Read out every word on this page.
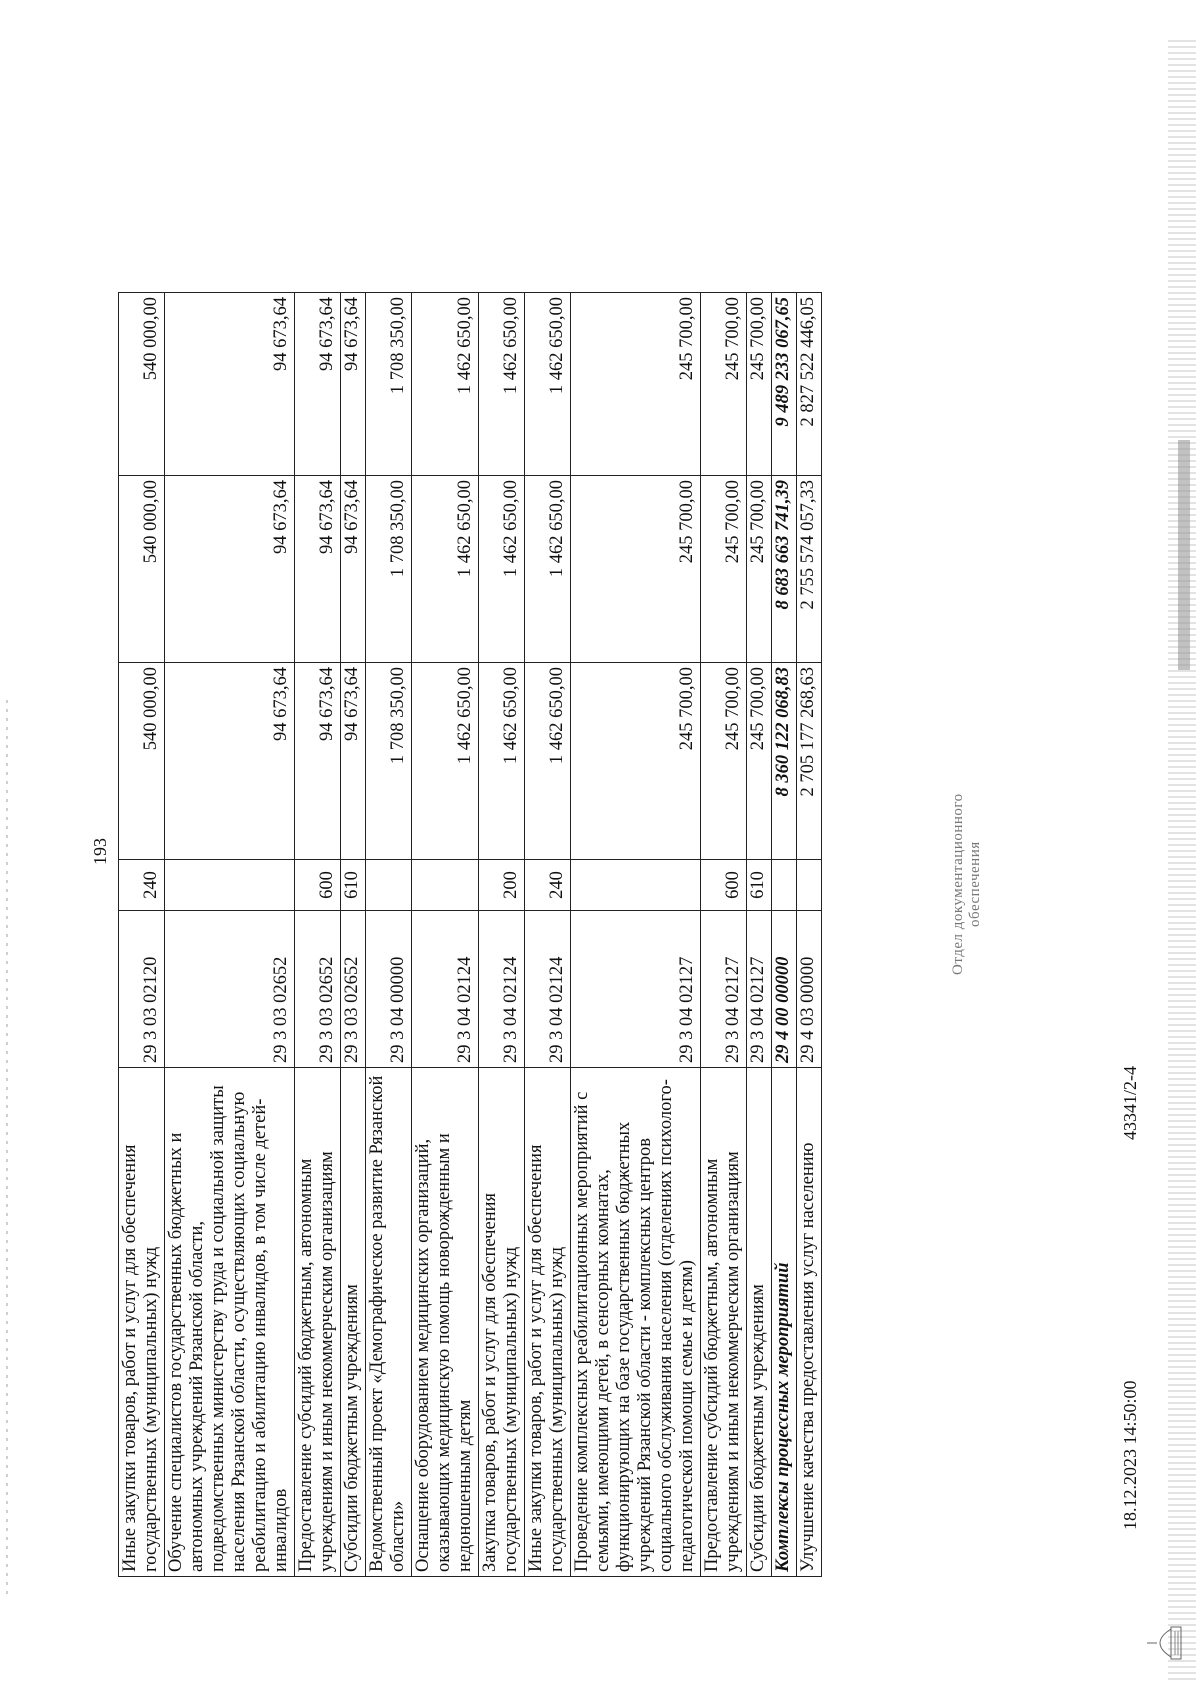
193
Иные закупки товаров, работ и услуг для обеспечения государственных (муниципальных) нужд	29 3 03 02120	240	540 000,00	540 000,00	540 000,00
Обучение специалистов государственных бюджетных и автономных учреждений Рязанской области, подведомственных министерству труда и социальной защиты населения Рязанской области, осуществляющих социальную реабилитацию и абилитацию инвалидов, в том числе детей-инвалидов	29 3 03 02652		94 673,64	94 673,64	94 673,64
Предоставление субсидий бюджетным, автономным учреждениям и иным некоммерческим организациям	29 3 03 02652	600	94 673,64	94 673,64	94 673,64
Субсидии бюджетным учреждениям	29 3 03 02652	610	94 673,64	94 673,64	94 673,64
Ведомственный проект «Демографическое развитие Рязанской области»	29 3 04 00000		1 708 350,00	1 708 350,00	1 708 350,00
Оснащение оборудованием медицинских организаций, оказывающих медицинскую помощь новорожденным и недоношенным детям	29 3 04 02124		1 462 650,00	1 462 650,00	1 462 650,00
Закупка товаров, работ и услуг для обеспечения государственных (муниципальных) нужд	29 3 04 02124	200	1 462 650,00	1 462 650,00	1 462 650,00
Иные закупки товаров, работ и услуг для обеспечения государственных (муниципальных) нужд	29 3 04 02124	240	1 462 650,00	1 462 650,00	1 462 650,00
Проведение комплексных реабилитационных мероприятий с семьями, имеющими детей, в сенсорных комнатах, функционирующих на базе государственных бюджетных учреждений Рязанской области - комплексных центров социального обслуживания населения (отделениях психолого-педагогической помощи семье и детям)	29 3 04 02127		245 700,00	245 700,00	245 700,00
Предоставление субсидий бюджетным, автономным учреждениям и иным некоммерческим организациям	29 3 04 02127	600	245 700,00	245 700,00	245 700,00
Субсидии бюджетным учреждениям	29 3 04 02127	610	245 700,00	245 700,00	245 700,00
Комплексы процессных мероприятий	29 4 00 00000		8 360 122 068,83	8 683 663 741,39	9 489 233 067,65
Улучшение качества предоставления услуг населению	29 4 03 00000		2 705 177 268,63	2 755 574 057,33	2 827 522 446,05
18.12.2023 14:50:00
43341/2-4
Отдел документационного обеспечения
